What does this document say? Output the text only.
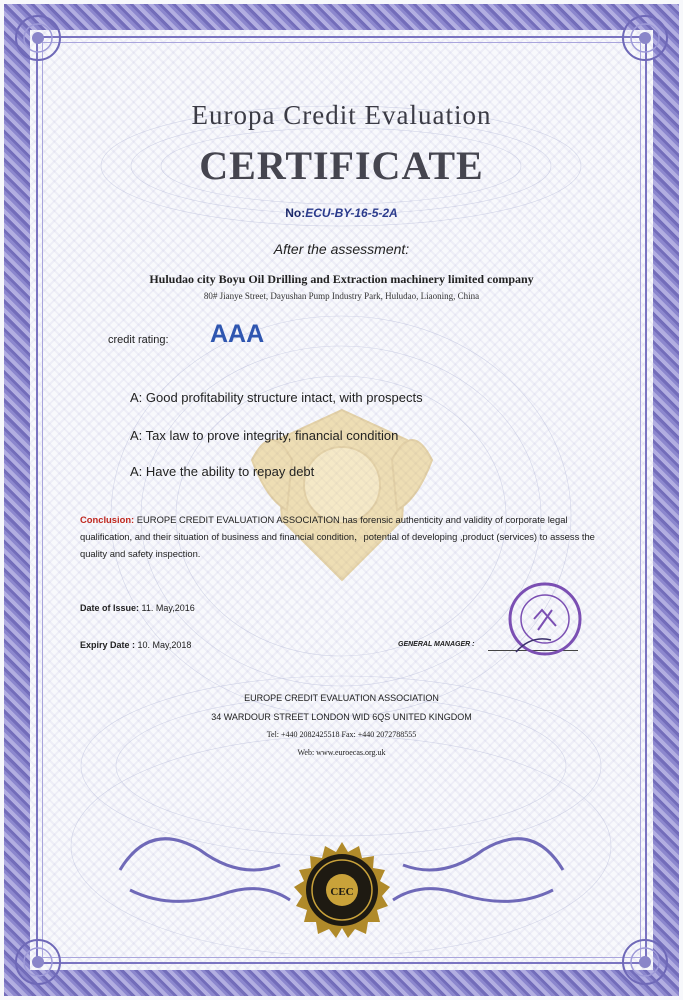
Europa Credit Evaluation
CERTIFICATE
No:ECU-BY-16-5-2A
After the assessment:
Huludao city Boyu Oil Drilling and Extraction machinery limited company
80# Jianye Street, Dayushan Pump Industry Park, Huludao, Liaoning, China
credit rating: AAA
A: Good profitability structure intact, with prospects
A: Tax law to prove integrity, financial condition
A: Have the ability to repay debt
Conclusion: EUROPE CREDIT EVALUATION ASSOCIATION has forensic authenticity and validity of corporate legal qualification, and their situation of business and financial condition，potential of developing ,product (services) to assess the quality and safety inspection.
Date of Issue: 11. May,2016
Expiry Date : 10. May,2018	GENERAL MANAGER :
EUROPE CREDIT EVALUATION ASSOCIATION
34 WARDOUR STREET LONDON WID 6QS UNITED KINGDOM
Tel: +440 2082425518 Fax: +440 2072788555
Web: www.euroecas.org.uk
CEC
